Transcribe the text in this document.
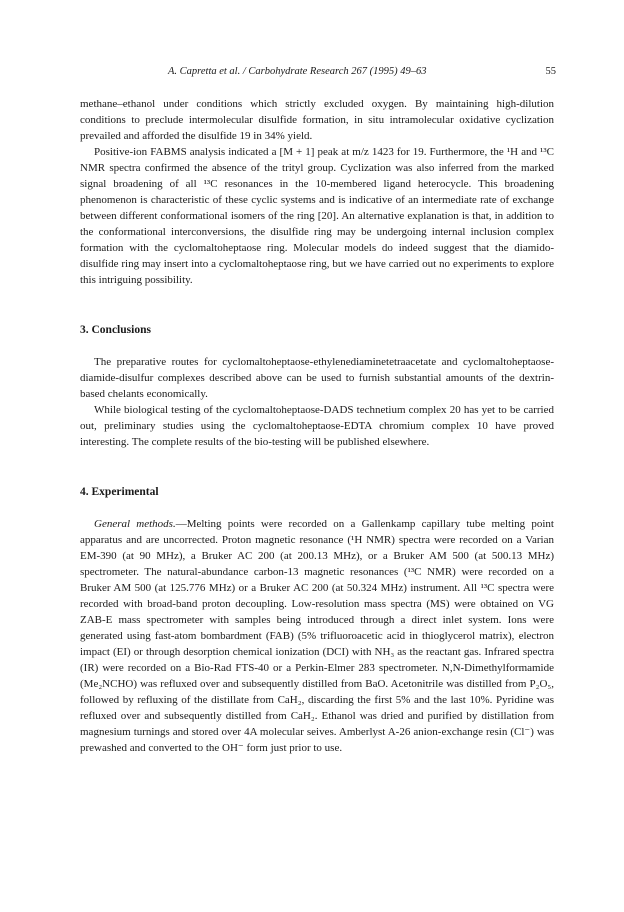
A. Capretta et al. / Carbohydrate Research 267 (1995) 49–63	55

methane–ethanol under conditions which strictly excluded oxygen. By maintaining high-dilution conditions to preclude intermolecular disulfide formation, in situ intramolecular oxidative cyclization prevailed and afforded the disulfide 19 in 34% yield.

Positive-ion FABMS analysis indicated a [M + 1] peak at m/z 1423 for 19. Furthermore, the ¹H and ¹³C NMR spectra confirmed the absence of the trityl group. Cyclization was also inferred from the marked signal broadening of all ¹³C resonances in the 10-membered ligand heterocycle. This broadening phenomenon is characteristic of these cyclic systems and is indicative of an intermediate rate of exchange between different conformational isomers of the ring [20]. An alternative explanation is that, in addition to the conformational interconversions, the disulfide ring may be undergoing internal inclusion complex formation with the cyclomaltoheptaose ring. Molecular models do indeed suggest that the diamido-disulfide ring may insert into a cyclomaltoheptaose ring, but we have carried out no experiments to explore this intriguing possibility.

3. Conclusions

The preparative routes for cyclomaltoheptaose-ethylenediaminetetraacetate and cyclomaltoheptaose-diamide-disulfur complexes described above can be used to furnish substantial amounts of the dextrin-based chelants economically.

While biological testing of the cyclomaltoheptaose-DADS technetium complex 20 has yet to be carried out, preliminary studies using the cyclomaltoheptaose-EDTA chromium complex 10 have proved interesting. The complete results of the bio-testing will be published elsewhere.

4. Experimental

General methods.—Melting points were recorded on a Gallenkamp capillary tube melting point apparatus and are uncorrected. Proton magnetic resonance (¹H NMR) spectra were recorded on a Varian EM-390 (at 90 MHz), a Bruker AC 200 (at 200.13 MHz), or a Bruker AM 500 (at 500.13 MHz) spectrometer. The natural-abundance carbon-13 magnetic resonances (¹³C NMR) were recorded on a Bruker AM 500 (at 125.776 MHz) or a Bruker AC 200 (at 50.324 MHz) instrument. All ¹³C spectra were recorded with broad-band proton decoupling. Low-resolution mass spectra (MS) were obtained on VG ZAB-E mass spectrometer with samples being introduced through a direct inlet system. Ions were generated using fast-atom bombardment (FAB) (5% trifluoroacetic acid in thioglycerol matrix), electron impact (EI) or through desorption chemical ionization (DCI) with NH₃ as the reactant gas. Infrared spectra (IR) were recorded on a Bio-Rad FTS-40 or a Perkin-Elmer 283 spectrometer. N,N-Dimethylformamide (Me₂NCHO) was refluxed over and subsequently distilled from BaO. Acetonitrile was distilled from P₂O₅, followed by refluxing of the distillate from CaH₂, discarding the first 5% and the last 10%. Pyridine was refluxed over and subsequently distilled from CaH₂. Ethanol was dried and purified by distillation from magnesium turnings and stored over 4A molecular seives. Amberlyst A-26 anion-exchange resin (Cl⁻) was prewashed and converted to the OH⁻ form just prior to use.
